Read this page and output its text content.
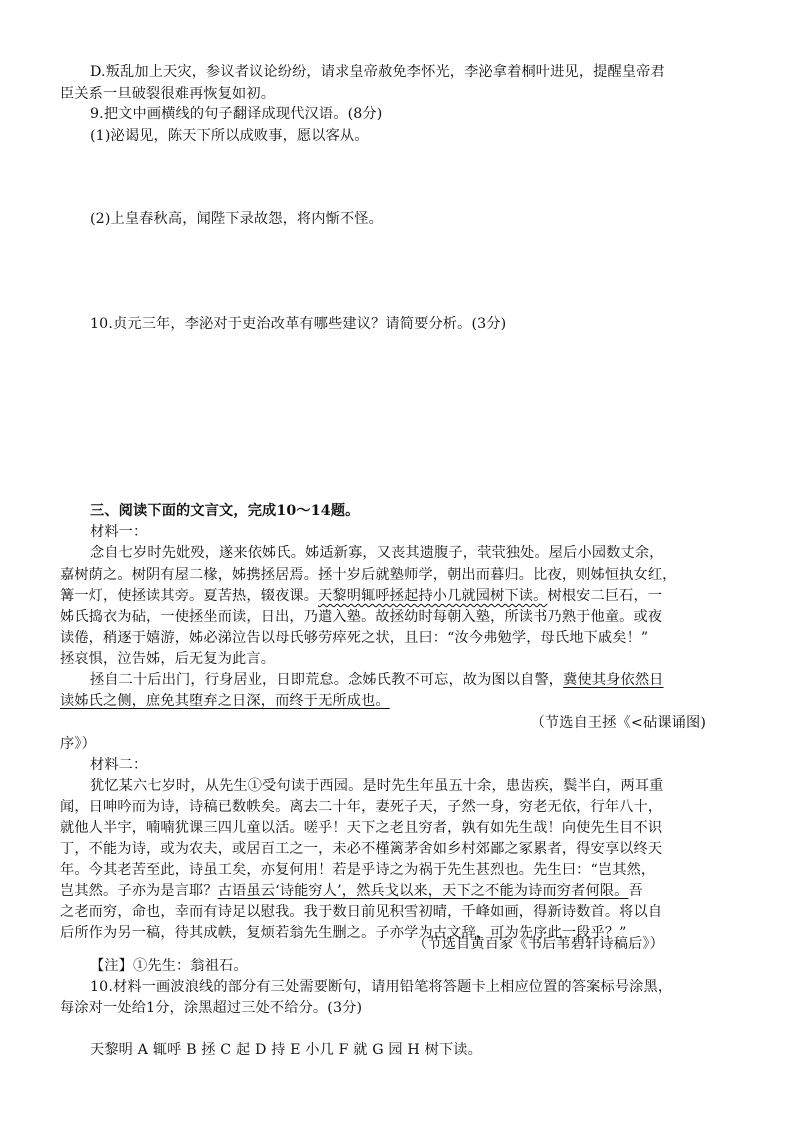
D.叛乱加上天灾，参议者议论纷纷，请求皇帝赦免李怀光，李泌拿着桐叶进见，提醒皇帝君
臣关系一旦破裂很难再恢复如初。
9.把文中画横线的句子翻译成现代汉语。(8分)
(1)泌谒见，陈天下所以成败事，愿以客从。
(2)上皇春秋高，闻陛下录故怨，将内惭不怪。
10.贞元三年，李泌对于吏治改革有哪些建议？请简要分析。(3分)
三、阅读下面的文言文，完成10～14题。
材料一：
念自七岁时先妣殁，遂来依姊氏。姊适新寡，又丧其遗腹子，茕茕独处。屋后小园数丈余，
嘉树荫之。树阴有屋二椽，姊携拯居焉。拯十岁后就塾师学，朝出而暮归。比夜，则姊恒执女红，
篝一灯，使拯读其旁。夏苦热，辍夜课。天黎明辄呼拯起持小几就园树下读。树根安二巨石，一
姊氏捣衣为砧，一使拯坐而读，日出，乃遣入塾。故拯幼时每朝入塾，所读书乃熟于他童。或夜
读倦，稍逐于嬉游，姊必涕泣告以母氏够劳瘁死之状，且曰：“汝今弗勉学，母氏地下戚矣！”
拯哀惧，泣告姊，后无复为此言。
拯自二十后出门，行身居业，日即荒怠。念姊氏教不可忘，故为图以自警，冀使其身依然日
读姊氏之侧，庶免其堕弃之日深，而终于无所成也。
（节选自王拯《<砧课诵图)
序》）
材料二：
犹忆某六七岁时，从先生①受句读于西园。是时先生年虽五十余，患齿疾，鬓半白，两耳重
闻，日呻吟而为诗，诗稿已数帙矣。离去二十年，妻死子天，子然一身，穷老无依，行年八十，
就他人半宇，喃喃犹课三四儿童以活。嗟乎！天下之老且穷者，孰有如先生哉！向使先生目不识
丁，不能为诗，或为农夫，或居百工之一，未必不槿篱茅舍如乡村郊鄙之冢累者，得安享以终天
年。今其老苦至此，诗虽工矣，亦复何用！若是乎诗之为祸于先生甚烈也。先生曰：“岂其然，
岂其然。子亦为是言耶？古语虽云‘诗能穷人’，然兵戈以来，天下之不能为诗而穷者何限。吾
之老而穷，命也，幸而有诗足以慰我。我于数日前见积雪初晴，千峰如画，得新诗数首。将以自
后所作为另一稿，待其成帙，复烦若翁先生删之。子亦学为古文辞，可为先序此一段乎？”
（节选自黄百家《书后苇碧轩诗稿后》）
【注】①先生：翁祖石。
10.材料一画波浪线的部分有三处需要断句，请用铅笔将答题卡上相应位置的答案标号涂黑，
每涂对一处给1分，涂黑超过三处不给分。(3分)
天黎明 A 辄呼 B 拯 C 起 D 持 E 小几 F 就 G 园 H 树下读。
